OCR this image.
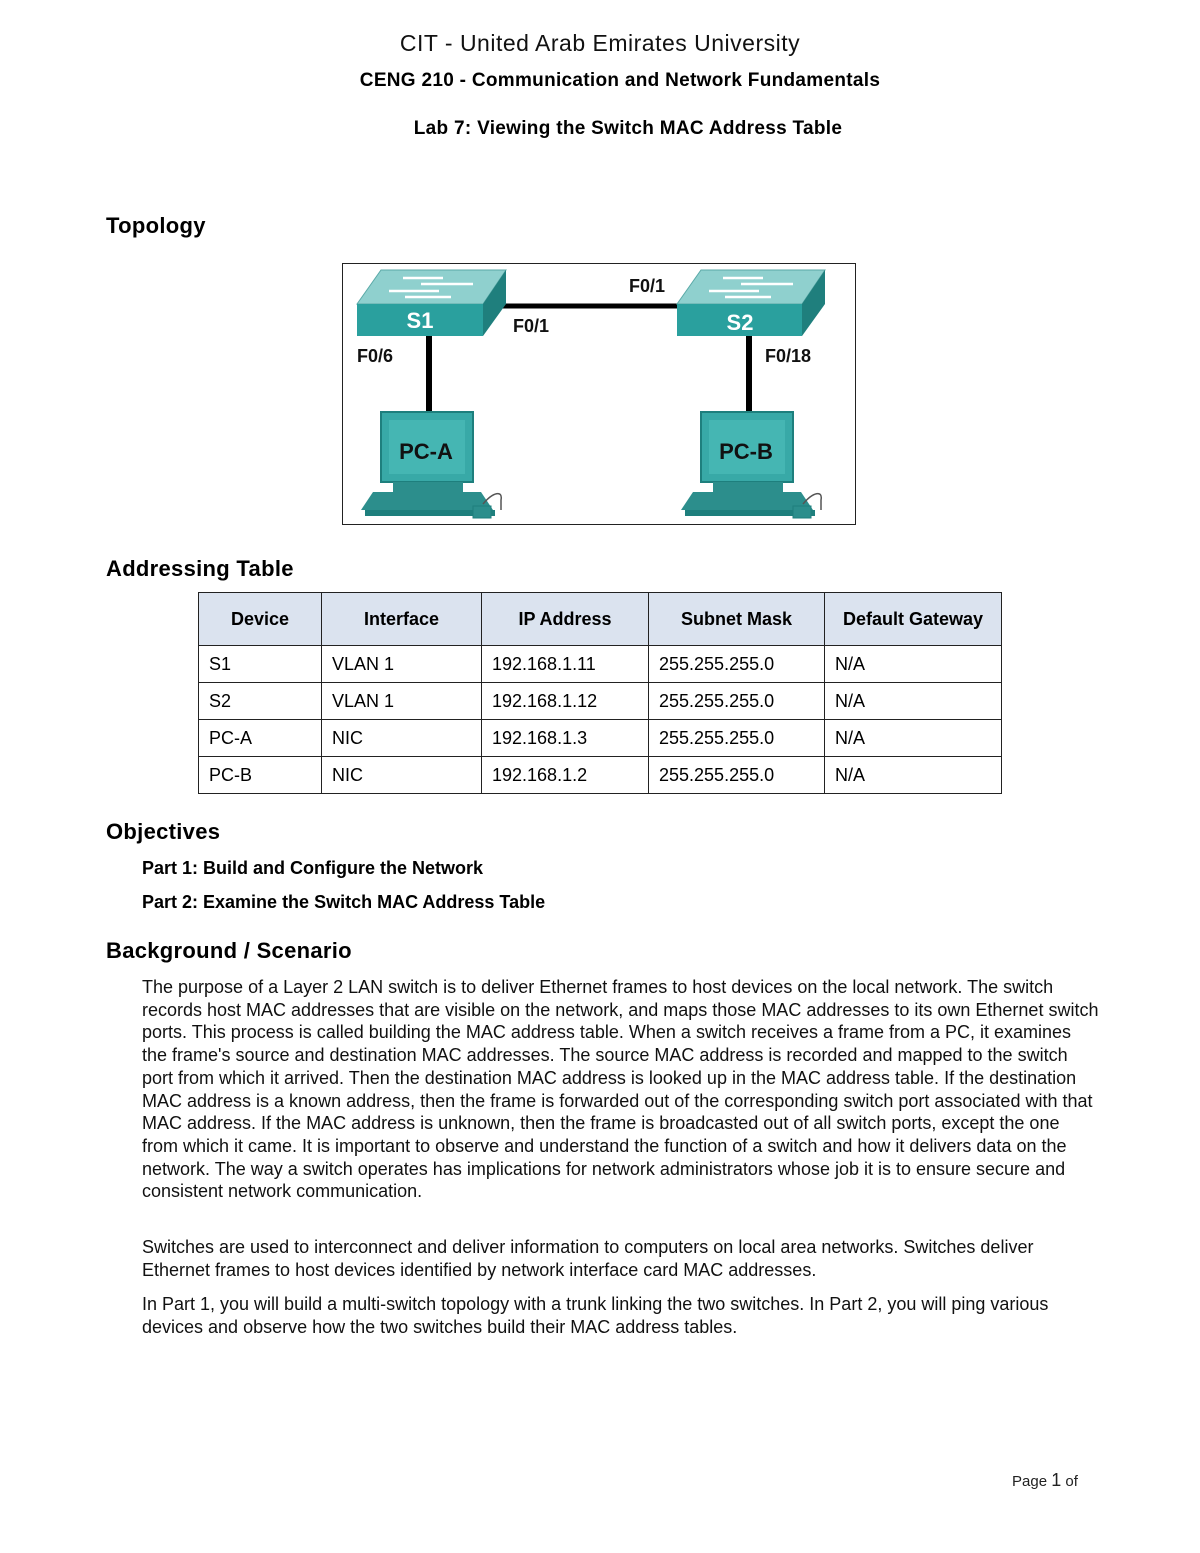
CIT - United Arab Emirates University
CENG 210 - Communication and Network Fundamentals
Lab 7: Viewing the Switch MAC Address Table
Topology
S1	S2
PC-A	PC-B
F0/1
F0/1
F0/6	F0/18
Addressing Table
Device	Interface	IP Address	Subnet Mask	Default Gateway
S1	VLAN 1	192.168.1.11	255.255.255.0	N/A
S2	VLAN 1	192.168.1.12	255.255.255.0	N/A
PC-A	NIC	192.168.1.3	255.255.255.0	N/A
PC-B	NIC	192.168.1.2	255.255.255.0	N/A
Objectives
Part 1: Build and Configure the Network
Part 2: Examine the Switch MAC Address Table
Background / Scenario
The purpose of a Layer 2 LAN switch is to deliver Ethernet frames to host devices on the local network. The switch records host MAC addresses that are visible on the network, and maps those MAC addresses to its own Ethernet switch ports. This process is called building the MAC address table. When a switch receives a frame from a PC, it examines the frame's source and destination MAC addresses. The source MAC address is recorded and mapped to the switch port from which it arrived. Then the destination MAC address is looked up in the MAC address table. If the destination MAC address is a known address, then the frame is forwarded out of the corresponding switch port associated with that MAC address. If the MAC address is unknown, then the frame is broadcasted out of all switch ports, except the one from which it came. It is important to observe and understand the function of a switch and how it delivers data on the network. The way a switch operates has implications for network administrators whose job it is to ensure secure and consistent network communication.
Switches are used to interconnect and deliver information to computers on local area networks. Switches deliver Ethernet frames to host devices identified by network interface card MAC addresses.
In Part 1, you will build a multi-switch topology with a trunk linking the two switches. In Part 2, you will ping various devices and observe how the two switches build their MAC address tables.
Page 1 of
